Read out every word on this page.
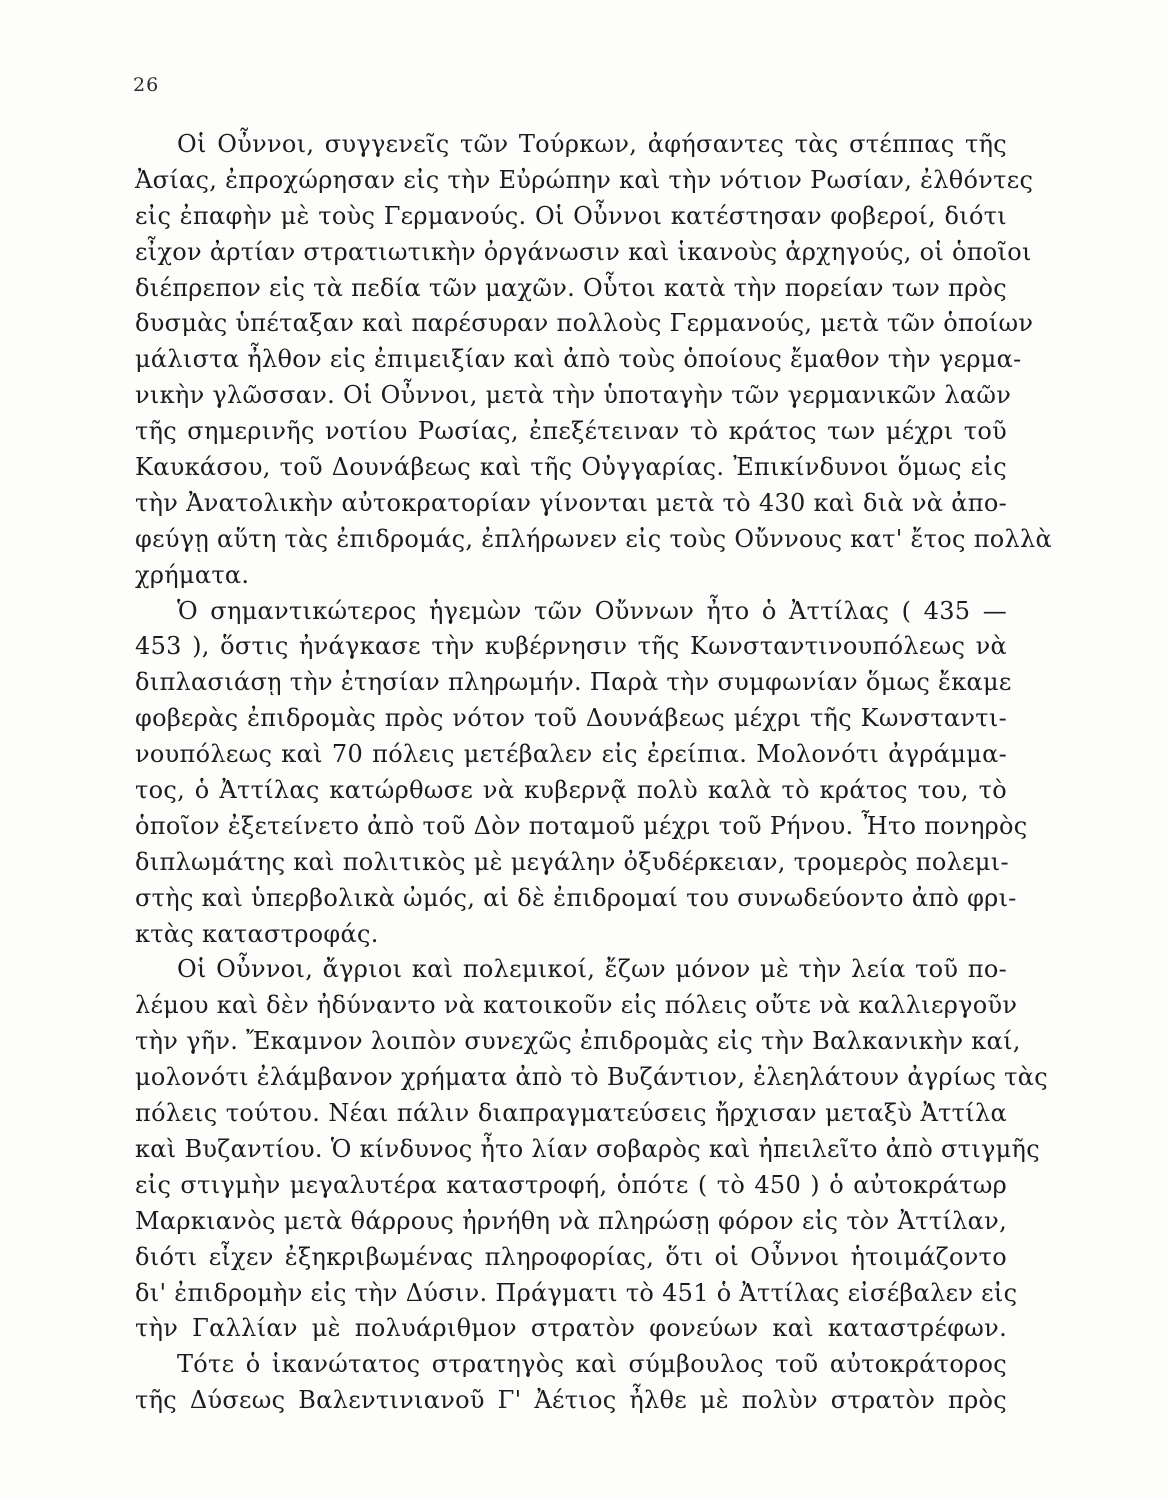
26
Οἱ Οὖννοι, συγγενεῖς τῶν Τούρκων, ἀφήσαντες τὰς στέππας τῆς
Ἀσίας, ἐπροχώρησαν εἰς τὴν Εὐρώπην καὶ τὴν νότιον Ρωσίαν, ἐλθόντες
εἰς ἐπαφὴν μὲ τοὺς Γερμανούς. Οἱ Οὖννοι κατέστησαν φοβεροί, διότι
εἶχον ἀρτίαν στρατιωτικὴν ὀργάνωσιν καὶ ἱκανοὺς ἀρχηγούς, οἱ ὁποῖοι
διέπρεπον εἰς τὰ πεδία τῶν μαχῶν. Οὗτοι κατὰ τὴν πορείαν των πρὸς
δυσμὰς ὑπέταξαν καὶ παρέσυραν πολλοὺς Γερμανούς, μετὰ τῶν ὁποίων
μάλιστα ἦλθον εἰς ἐπιμειξίαν καὶ ἀπὸ τοὺς ὁποίους ἔμαθον τὴν γερμα-
νικὴν γλῶσσαν. Οἱ Οὖννοι, μετὰ τὴν ὑποταγὴν τῶν γερμανικῶν λαῶν
τῆς σημερινῆς νοτίου Ρωσίας, ἐπεξέτειναν τὸ κράτος των μέχρι τοῦ
Καυκάσου, τοῦ Δουνάβεως καὶ τῆς Οὐγγαρίας. Ἐπικίνδυνοι ὅμως εἰς
τὴν Ἀνατολικὴν αὐτοκρατορίαν γίνονται μετὰ τὸ 430 καὶ διὰ νὰ ἀπο-
φεύγῃ αὕτη τὰς ἐπιδρομάς, ἐπλήρωνεν εἰς τοὺς Οὔννους κατ' ἔτος πολλὰ
χρήματα.
Ὁ σημαντικώτερος ἡγεμὼν τῶν Οὔννων ἦτο ὁ Ἀττίλας ( 435 —
453 ), ὅστις ἠνάγκασε τὴν κυβέρνησιν τῆς Κωνσταντινουπόλεως νὰ
διπλασιάσῃ τὴν ἐτησίαν πληρωμήν. Παρὰ τὴν συμφωνίαν ὅμως ἔκαμε
φοβερὰς ἐπιδρομὰς πρὸς νότον τοῦ Δουνάβεως μέχρι τῆς Κωνσταντι-
νουπόλεως καὶ 70 πόλεις μετέβαλεν εἰς ἐρείπια. Μολονότι ἀγράμμα-
τος, ὁ Ἀττίλας κατώρθωσε νὰ κυβερνᾷ πολὺ καλὰ τὸ κράτος του, τὸ
ὁποῖον ἐξετείνετο ἀπὸ τοῦ Δὸν ποταμοῦ μέχρι τοῦ Ρήνου. Ἦτο πονηρὸς
διπλωμάτης καὶ πολιτικὸς μὲ μεγάλην ὀξυδέρκειαν, τρομερὸς πολεμι-
στὴς καὶ ὑπερβολικὰ ὠμός, αἱ δὲ ἐπιδρομαί του συνωδεύοντο ἀπὸ φρι-
κτὰς καταστροφάς.
Οἱ Οὖννοι, ἄγριοι καὶ πολεμικοί, ἔζων μόνον μὲ τὴν λεία τοῦ πο-
λέμου καὶ δὲν ἠδύναντο νὰ κατοικοῦν εἰς πόλεις οὔτε νὰ καλλιεργοῦν
τὴν γῆν. Ἔκαμνον λοιπὸν συνεχῶς ἐπιδρομὰς εἰς τὴν Βαλκανικὴν καί,
μολονότι ἐλάμβανον χρήματα ἀπὸ τὸ Βυζάντιον, ἐλεηλάτουν ἀγρίως τὰς
πόλεις τούτου. Νέαι πάλιν διαπραγματεύσεις ἤρχισαν μεταξὺ Ἀττίλα
καὶ Βυζαντίου. Ὁ κίνδυνος ἦτο λίαν σοβαρὸς καὶ ἠπειλεῖτο ἀπὸ στιγμῆς
εἰς στιγμὴν μεγαλυτέρα καταστροφή, ὁπότε ( τὸ 450 ) ὁ αὐτοκράτωρ
Μαρκιανὸς μετὰ θάρρους ἠρνήθη νὰ πληρώσῃ φόρον εἰς τὸν Ἀττίλαν,
διότι εἶχεν ἐξηκριβωμένας πληροφορίας, ὅτι οἱ Οὖννοι ἡτοιμάζοντο
δι' ἐπιδρομὴν εἰς τὴν Δύσιν. Πράγματι τὸ 451 ὁ Ἀττίλας εἰσέβαλεν εἰς
τὴν Γαλλίαν μὲ πολυάριθμον στρατὸν φονεύων καὶ καταστρέφων.
Τότε ὁ ἱκανώτατος στρατηγὸς καὶ σύμβουλος τοῦ αὐτοκράτορος
τῆς Δύσεως Βαλεντινιανοῦ Γ' Ἀέτιος ἦλθε μὲ πολὺν στρατὸν πρὸς
